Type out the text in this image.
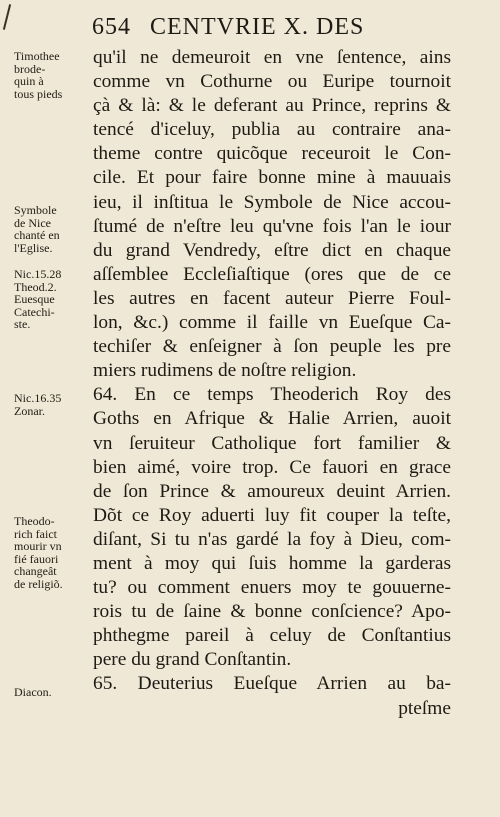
654 CENTVRIE X. DES
Timothee
brode-
quin à
tous pieds
Symbole
de Nice
chanté en
l'Eglise.
Nic.15.28
Theod.2.
Euesque
Catechi-
ste.
Nic.16.35
Zonar.
Theodo-
rich faict
mourir vn
fié fauori
changeât
de religiõ.
Diacon.
qu'il ne demeuroit en vne ſentence, ains
comme vn Cothurne ou Euripe tournoit
çà & là: & le deferant au Prince, reprins &
tencé d'iceluy, publia au contraire ana-
theme contre quicõque receuroit le Con-
cile. Et pour faire bonne mine à mauuais
ieu, il inſtitua le Symbole de Nice accou-
ſtumé de n'eſtre leu qu'vne fois l'an le iour
du grand Vendredy, eſtre dict en chaque
aſſemblee Eccleſiaſtique (ores que de ce
les autres en facent auteur Pierre Foul-
lon, &c.) comme il faille vn Eueſque Ca-
techiſer & enſeigner à ſon peuple les pre
miers rudimens de noſtre religion.
64. En ce temps Theoderich Roy des
Goths en Afrique & Halie Arrien, auoit
vn ſeruiteur Catholique fort familier &
bien aimé, voire trop. Ce fauori en grace
de ſon Prince & amoureux deuint Arrien.
Dõt ce Roy aduerti luy fit couper la teſte,
diſant, Si tu n'as gardé la foy à Dieu, com-
ment à moy qui ſuis homme la garderas
tu? ou comment enuers moy te gouuerne-
rois tu de ſaine & bonne conſcience? Apo-
phthegme pareil à celuy de Conſtantius
pere du grand Conſtantin.
65. Deuterius Eueſque Arrien au ba-
pteſme
